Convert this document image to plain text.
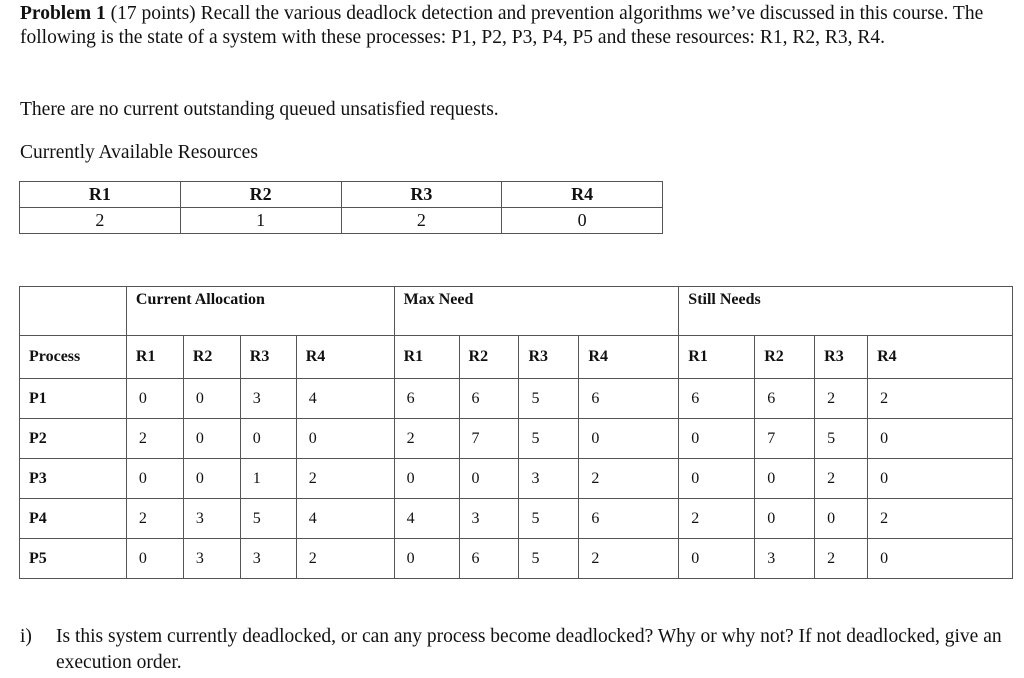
Problem 1 (17 points) Recall the various deadlock detection and prevention algorithms we’ve discussed in this course. The following is the state of a system with these processes: P1, P2, P3, P4, P5 and these resources: R1, R2, R3, R4.

There are no current outstanding queued unsatisfied requests.

Currently Available Resources

R1	R2	R3	R4
2	1	2	0
	Current Allocation				Max Need				Still Needs			
Process	R1	R2	R3	R4	R1	R2	R3	R4	R1	R2	R3	R4
P1	0	0	3	4	6	6	5	6	6	6	2	2
P2	2	0	0	0	2	7	5	0	0	7	5	0
P3	0	0	1	2	0	0	3	2	0	0	2	0
P4	2	3	5	4	4	3	5	6	2	0	0	2
P5	0	3	3	2	0	6	5	2	0	3	2	0
i) Is this system currently deadlocked, or can any process become deadlocked? Why or why not? If not deadlocked, give an execution order.
